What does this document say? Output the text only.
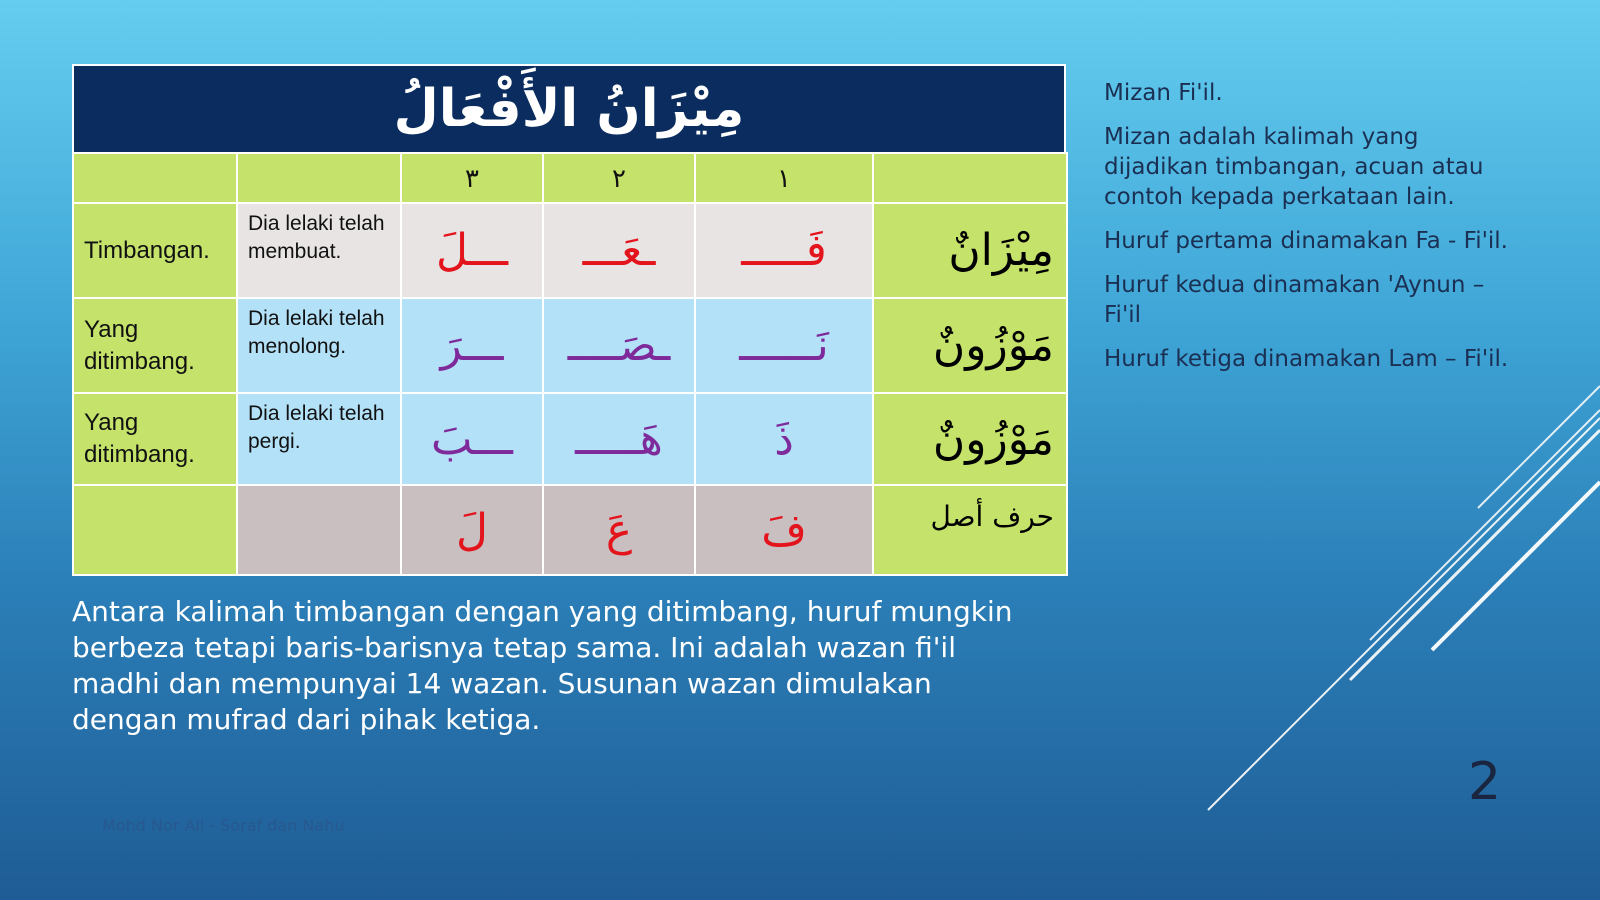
مِيْزَانُ الأَفْعَالُ
		٣	٢	١	
Timbangan.	Dia lelaki telah membuat.	ـــلَ	ـعَـــ	فَـــــ	مِيْزَانٌ
Yang ditimbang.	Dia lelaki telah menolong.	ـــرَ	ـصَــــ	نَــــــ	مَوْزُونٌ
Yang ditimbang.	Dia lelaki telah pergi.	ـــبَ	هَـــــ	ذَ	مَوْزُونٌ
		لَ	عَ	فَ	حرف أصل
Antara kalimah timbangan dengan yang ditimbang, huruf mungkin berbeza tetapi baris-barisnya tetap sama. Ini adalah wazan fi'il madhi dan mempunyai 14 wazan. Susunan wazan dimulakan dengan mufrad dari pihak ketiga.

Mizan Fi'il.

Mizan adalah kalimah yang dijadikan timbangan, acuan atau contoh kepada perkataan lain.

Huruf pertama dinamakan Fa - Fi'il.

Huruf kedua dinamakan 'Aynun – Fi'il

Huruf ketiga dinamakan Lam – Fi'il.

2
Mohd Nor Ali - Soraf dan Nahu
